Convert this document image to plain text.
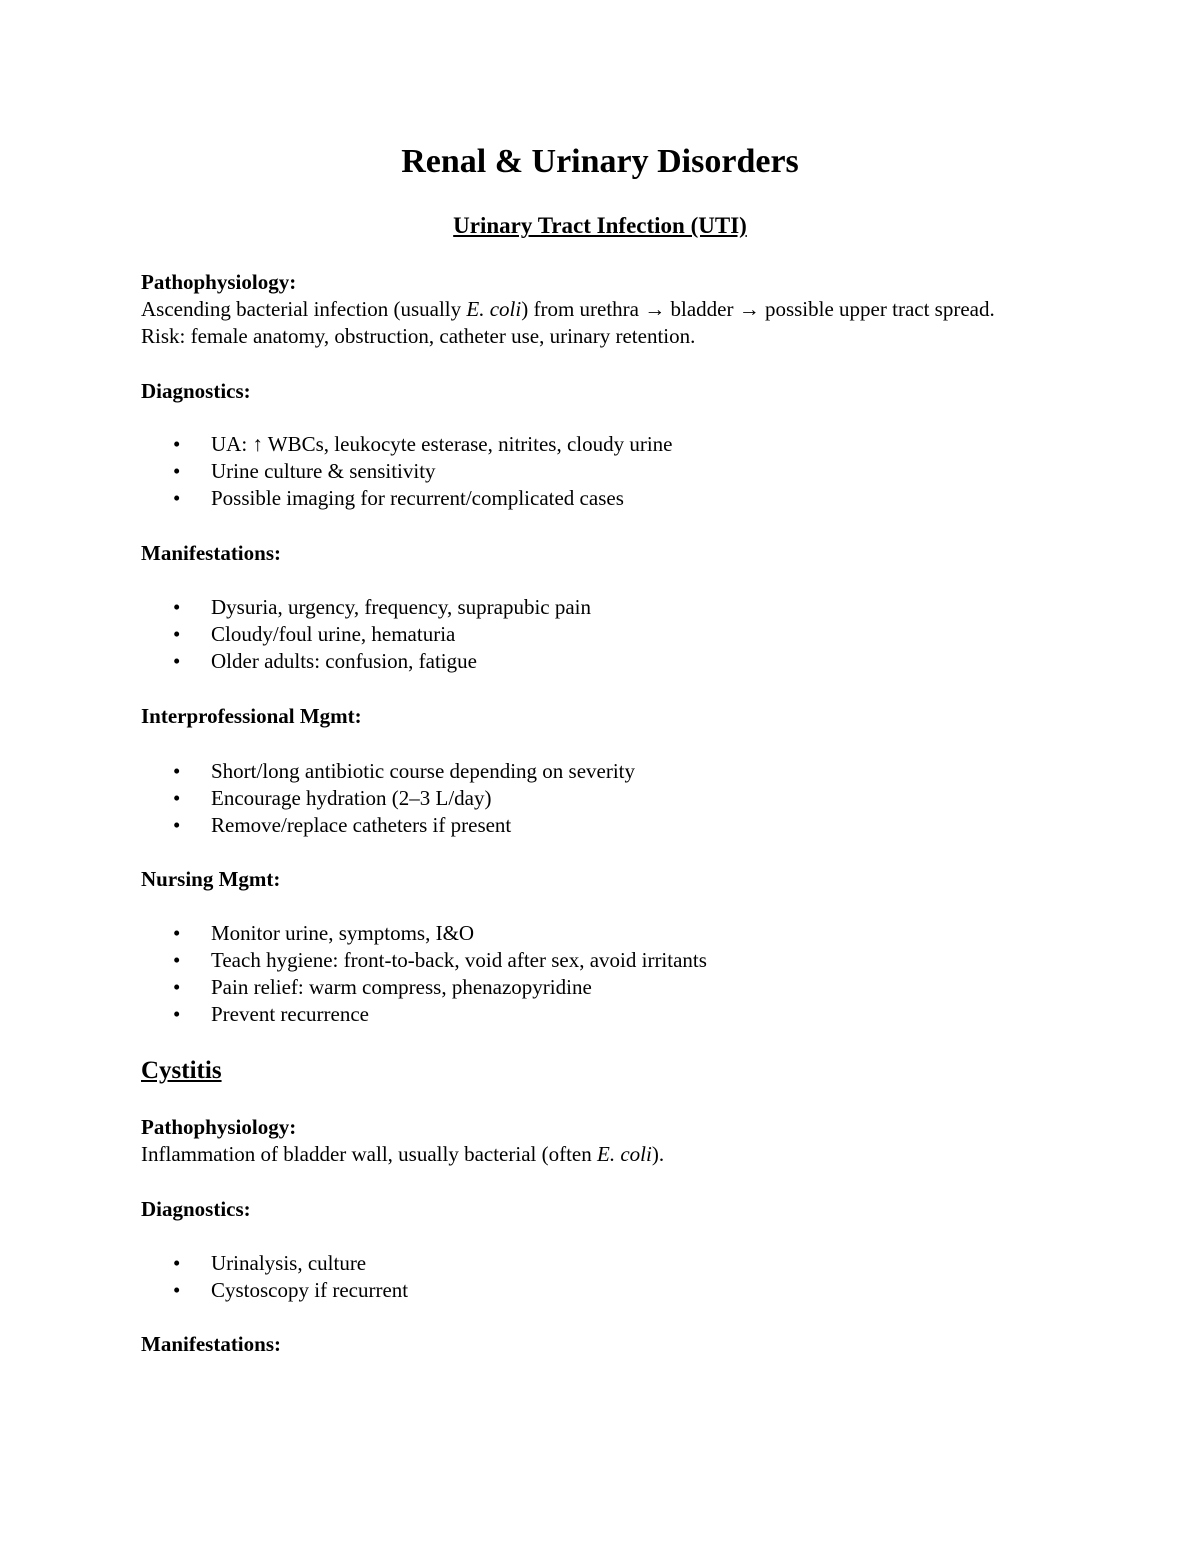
Renal & Urinary Disorders
Urinary Tract Infection (UTI)
Pathophysiology:

Ascending bacterial infection (usually E. coli) from urethra → bladder → possible upper tract spread. Risk: female anatomy, obstruction, catheter use, urinary retention.

Diagnostics:
• UA: ↑ WBCs, leukocyte esterase, nitrites, cloudy urine
• Urine culture & sensitivity
• Possible imaging for recurrent/complicated cases
Manifestations:
• Dysuria, urgency, frequency, suprapubic pain
• Cloudy/foul urine, hematuria
• Older adults: confusion, fatigue
Interprofessional Mgmt:
• Short/long antibiotic course depending on severity
• Encourage hydration (2–3 L/day)
• Remove/replace catheters if present
Nursing Mgmt:
• Monitor urine, symptoms, I&O
• Teach hygiene: front-to-back, void after sex, avoid irritants
• Pain relief: warm compress, phenazopyridine
• Prevent recurrence
Cystitis
Pathophysiology:

Inflammation of bladder wall, usually bacterial (often E. coli).

Diagnostics:
• Urinalysis, culture
• Cystoscopy if recurrent
Manifestations:
